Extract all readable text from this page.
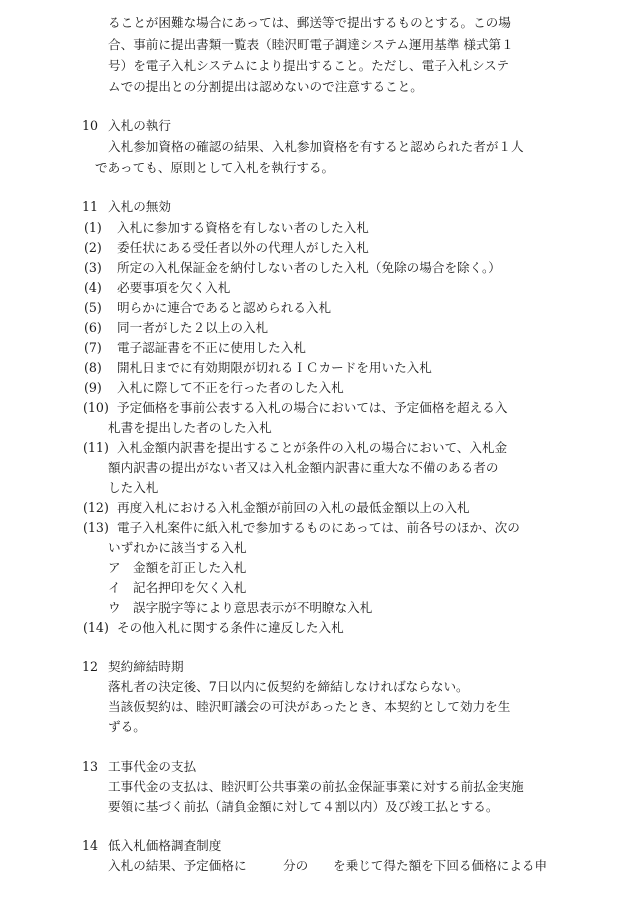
ることが困難な場合にあっては、郵送等で提出するものとする。この場
合、事前に提出書類一覧表（睦沢町電子調達システム運用基準 様式第１
号）を電子入札システムにより提出すること。ただし、電子入札システ
ムでの提出との分割提出は認めないので注意すること。
10 入札の執行
入札参加資格の確認の結果、入札参加資格を有すると認められた者が１人
であっても、原則として入札を執行する。
11 入札の無効
(1) 入札に参加する資格を有しない者のした入札
(2) 委任状にある受任者以外の代理人がした入札
(3) 所定の入札保証金を納付しない者のした入札（免除の場合を除く。）
(4) 必要事項を欠く入札
(5) 明らかに連合であると認められる入札
(6) 同一者がした２以上の入札
(7) 電子認証書を不正に使用した入札
(8) 開札日までに有効期限が切れるＩＣカードを用いた入札
(9) 入札に際して不正を行った者のした入札
(10) 予定価格を事前公表する入札の場合においては、予定価格を超える入
札書を提出した者のした入札
(11) 入札金額内訳書を提出することが条件の入札の場合において、入札金
額内訳書の提出がない者又は入札金額内訳書に重大な不備のある者の
した入札
(12) 再度入札における入札金額が前回の入札の最低金額以上の入札
(13) 電子入札案件に紙入札で参加するものにあっては、前各号のほか、次の
いずれかに該当する入札
ア 金額を訂正した入札
イ 記名押印を欠く入札
ウ 誤字脱字等により意思表示が不明瞭な入札
(14) その他入札に関する条件に違反した入札
12 契約締結時期
落札者の決定後、7日以内に仮契約を締結しなければならない。
当該仮契約は、睦沢町議会の可決があったとき、本契約として効力を生
ずる。
13 工事代金の支払
工事代金の支払は、睦沢町公共事業の前払金保証事業に対する前払金実施
要領に基づく前払（請負金額に対して４割以内）及び竣工払とする。
14 低入札価格調査制度
入札の結果、予定価格に	分の を乗じて得た額を下回る価格による申
